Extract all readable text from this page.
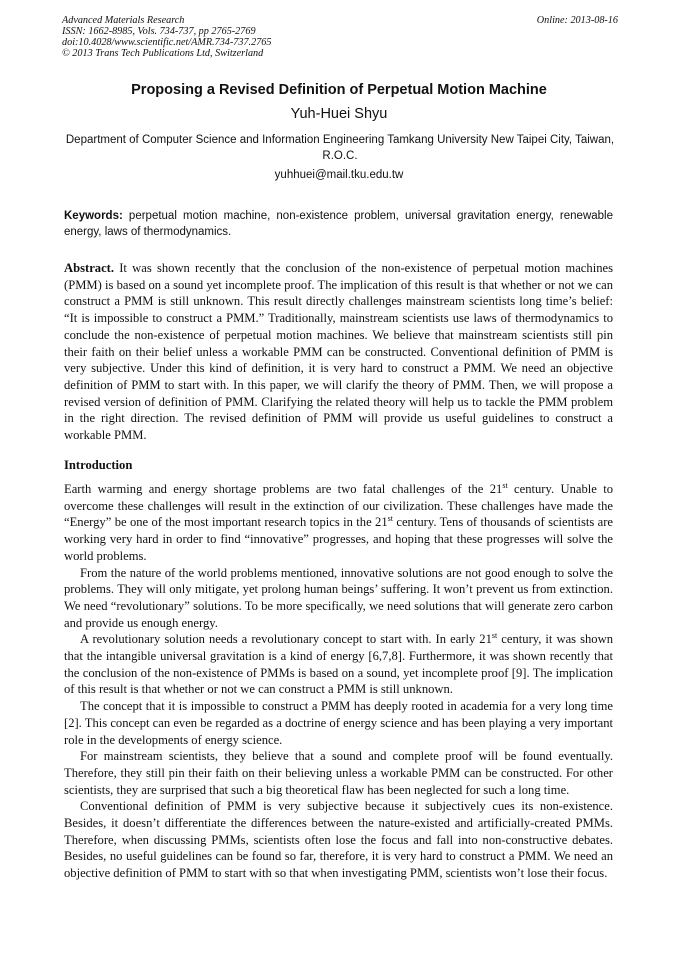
Advanced Materials Research
ISSN: 1662-8985, Vols. 734-737, pp 2765-2769
doi:10.4028/www.scientific.net/AMR.734-737.2765
© 2013 Trans Tech Publications Ltd, Switzerland
Online: 2013-08-16
Proposing a Revised Definition of Perpetual Motion Machine
Yuh-Huei Shyu
Department of Computer Science and Information Engineering Tamkang University New Taipei City, Taiwan, R.O.C.
yuhhuei@mail.tku.edu.tw
Keywords: perpetual motion machine, non-existence problem, universal gravitation energy, renewable energy, laws of thermodynamics.
Abstract. It was shown recently that the conclusion of the non-existence of perpetual motion machines (PMM) is based on a sound yet incomplete proof. The implication of this result is that whether or not we can construct a PMM is still unknown. This result directly challenges mainstream scientists long time’s belief: “It is impossible to construct a PMM.” Traditionally, mainstream scientists use laws of thermodynamics to conclude the non-existence of perpetual motion machines. We believe that mainstream scientists still pin their faith on their belief unless a workable PMM can be constructed. Conventional definition of PMM is very subjective. Under this kind of definition, it is very hard to construct a PMM. We need an objective definition of PMM to start with. In this paper, we will clarify the theory of PMM. Then, we will propose a revised version of definition of PMM. Clarifying the related theory will help us to tackle the PMM problem in the right direction. The revised definition of PMM will provide us useful guidelines to construct a workable PMM.
Introduction

Earth warming and energy shortage problems are two fatal challenges of the 21st century. Unable to overcome these challenges will result in the extinction of our civilization. These challenges have made the “Energy” be one of the most important research topics in the 21st century. Tens of thousands of scientists are working very hard in order to find “innovative” progresses, and hoping that these progresses will solve the world problems.

From the nature of the world problems mentioned, innovative solutions are not good enough to solve the problems. They will only mitigate, yet prolong human beings’ suffering. It won’t prevent us from extinction. We need “revolutionary” solutions. To be more specifically, we need solutions that will generate zero carbon and provide us enough energy.

A revolutionary solution needs a revolutionary concept to start with. In early 21st century, it was shown that the intangible universal gravitation is a kind of energy [6,7,8]. Furthermore, it was shown recently that the conclusion of the non-existence of PMMs is based on a sound, yet incomplete proof [9]. The implication of this result is that whether or not we can construct a PMM is still unknown.

The concept that it is impossible to construct a PMM has deeply rooted in academia for a very long time [2]. This concept can even be regarded as a doctrine of energy science and has been playing a very important role in the developments of energy science.

For mainstream scientists, they believe that a sound and complete proof will be found eventually. Therefore, they still pin their faith on their believing unless a workable PMM can be constructed. For other scientists, they are surprised that such a big theoretical flaw has been neglected for such a long time.

Conventional definition of PMM is very subjective because it subjectively cues its non-existence. Besides, it doesn’t differentiate the differences between the nature-existed and artificially-created PMMs. Therefore, when discussing PMMs, scientists often lose the focus and fall into non-constructive debates. Besides, no useful guidelines can be found so far, therefore, it is very hard to construct a PMM. We need an objective definition of PMM to start with so that when investigating PMM, scientists won’t lose their focus.
